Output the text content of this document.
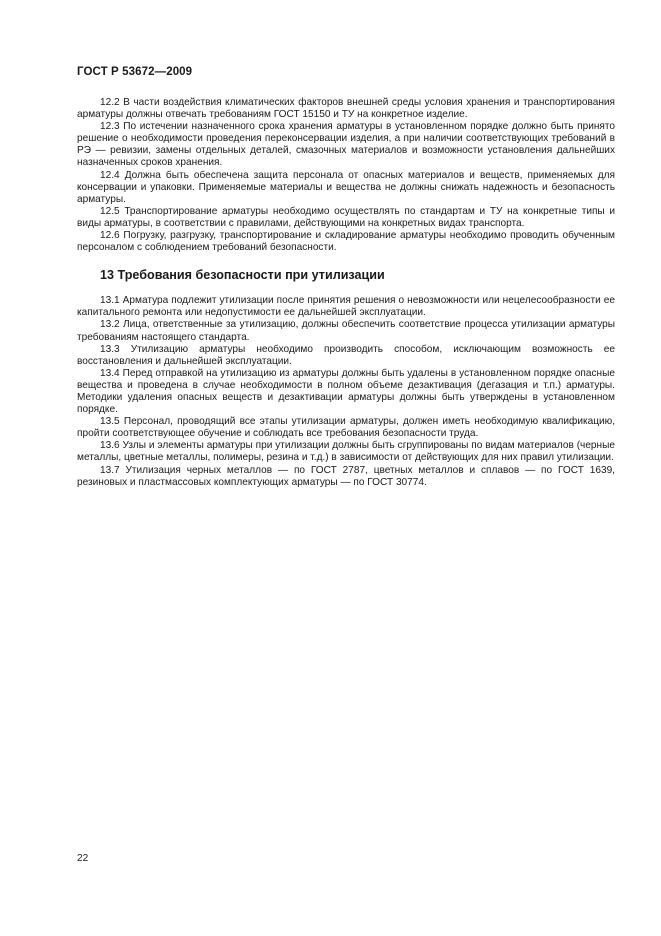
ГОСТ Р 53672—2009

12.2 В части воздействия климатических факторов внешней среды условия хранения и транспортирования арматуры должны отвечать требованиям ГОСТ 15150 и ТУ на конкретное изделие.

12.3 По истечении назначенного срока хранения арматуры в установленном порядке должно быть принято решение о необходимости проведения переконсервации изделия, а при наличии соответствующих требований в РЭ — ревизии, замены отдельных деталей, смазочных материалов и возможности установления дальнейших назначенных сроков хранения.

12.4 Должна быть обеспечена защита персонала от опасных материалов и веществ, применяемых для консервации и упаковки. Применяемые материалы и вещества не должны снижать надежность и безопасность арматуры.

12.5 Транспортирование арматуры необходимо осуществлять по стандартам и ТУ на конкретные типы и виды арматуры, в соответствии с правилами, действующими на конкретных видах транспорта.

12.6 Погрузку, разгрузку, транспортирование и складирование арматуры необходимо проводить обученным персоналом с соблюдением требований безопасности.

13 Требования безопасности при утилизации

13.1 Арматура подлежит утилизации после принятия решения о невозможности или нецелесообразности ее капитального ремонта или недопустимости ее дальнейшей эксплуатации.

13.2 Лица, ответственные за утилизацию, должны обеспечить соответствие процесса утилизации арматуры требованиям настоящего стандарта.

13.3 Утилизацию арматуры необходимо производить способом, исключающим возможность ее восстановления и дальнейшей эксплуатации.

13.4 Перед отправкой на утилизацию из арматуры должны быть удалены в установленном порядке опасные вещества и проведена в случае необходимости в полном объеме дезактивация (дегазация и т.п.) арматуры. Методики удаления опасных веществ и дезактивации арматуры должны быть утверждены в установленном порядке.

13.5 Персонал, проводящий все этапы утилизации арматуры, должен иметь необходимую квалификацию, пройти соответствующее обучение и соблюдать все требования безопасности труда.

13.6 Узлы и элементы арматуры при утилизации должны быть сгруппированы по видам материалов (черные металлы, цветные металлы, полимеры, резина и т.д.) в зависимости от действующих для них правил утилизации.

13.7 Утилизация черных металлов — по ГОСТ 2787, цветных металлов и сплавов — по ГОСТ 1639, резиновых и пластмассовых комплектующих арматуры — по ГОСТ 30774.

22
